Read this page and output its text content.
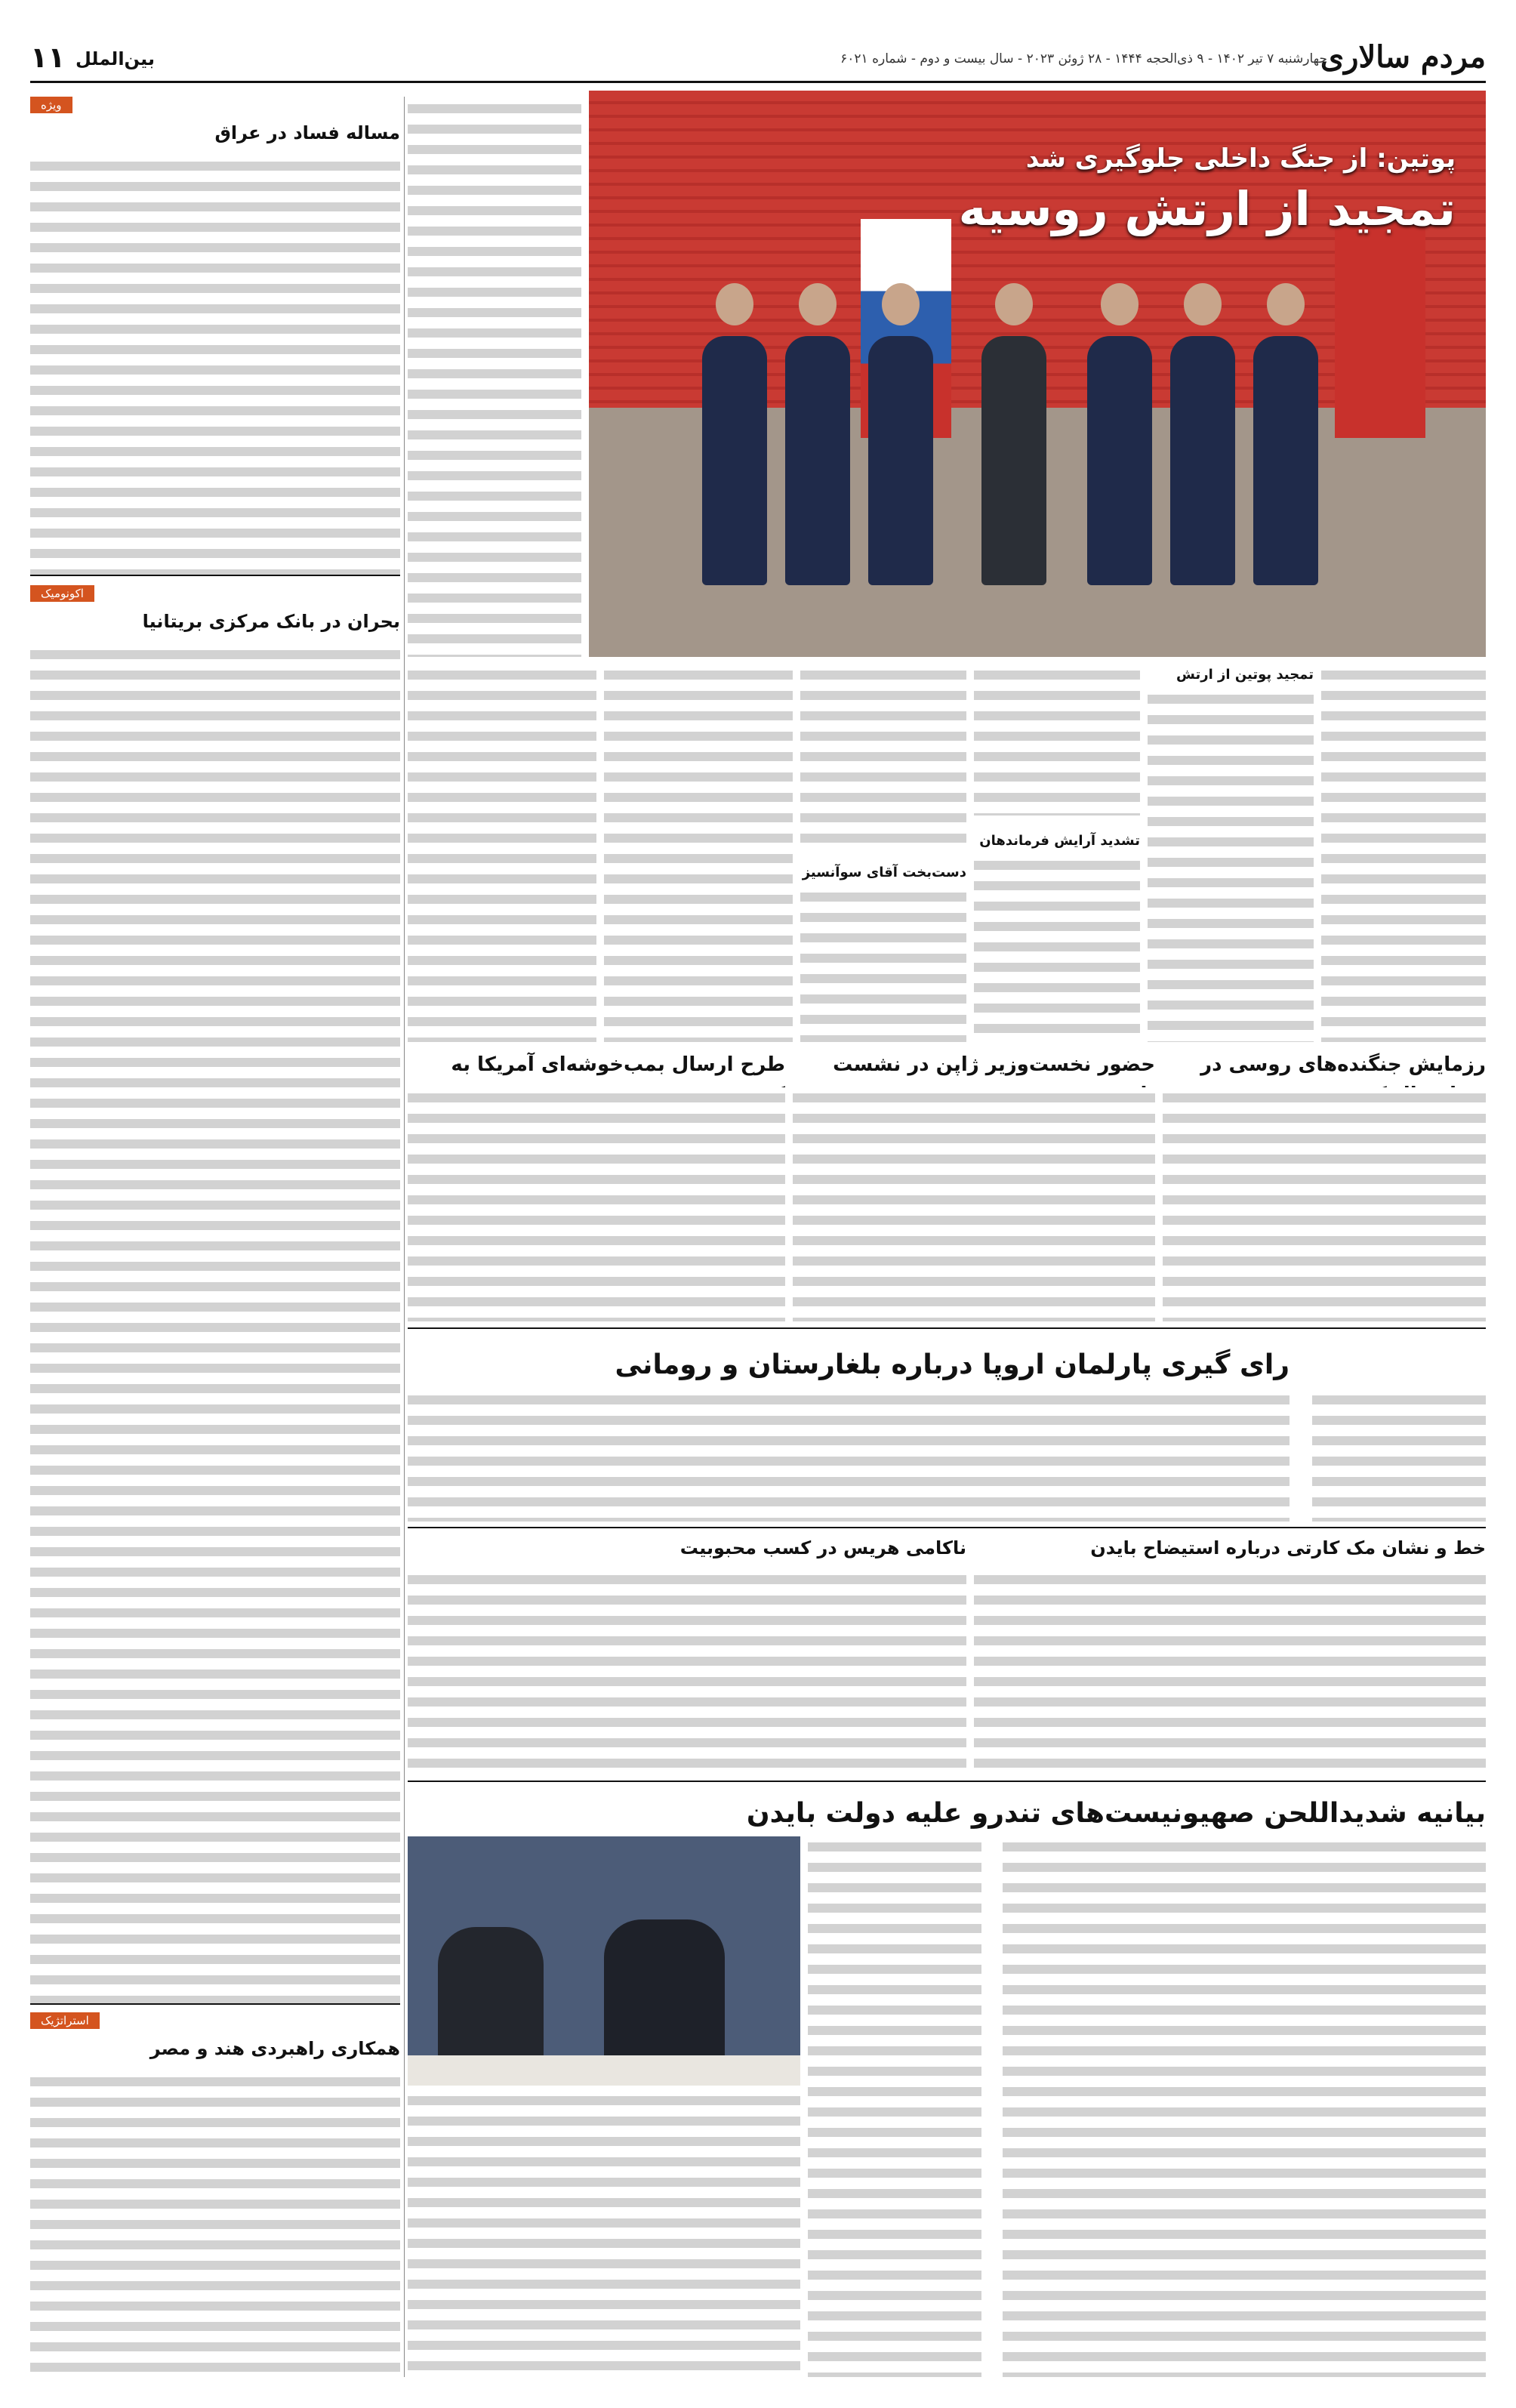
مردم سالاری
چهارشنبه ۷ تیر ۱۴۰۲ - ۹ ذی‌الحجه ۱۴۴۴ - ۲۸ ژوئن ۲۰۲۳ - سال بیست و دوم - شماره ۶۰۲۱
بین‌الملل
۱۱
پوتین: از جنگ داخلی جلوگیری شد
تمجید از ارتش روسیه
تمجید پوتین از ارتش
تشدید آرایش فرماندهان
دست‌بخت آقای سوآنسیز
ویژه
مساله فساد در عراق
اکونومیک
بحران در بانک مرکزی بریتانیا
استراتژیک
همکاری راهبردی هند و مصر
رزمایش جنگنده‌های روسی در
حضور نخست‌وزیر ژاپن در نشست
طرح ارسال بمب‌خوشه‌ای آمریکا به
رای گیری پارلمان اروپا درباره بلغارستان و رومانی
خط و نشان مک کارتی درباره استیضاح بایدن
ناکامی هریس در کسب محبوبیت
بیانیه شدیداللحن صهیونیست‌های تندرو علیه دولت بایدن
